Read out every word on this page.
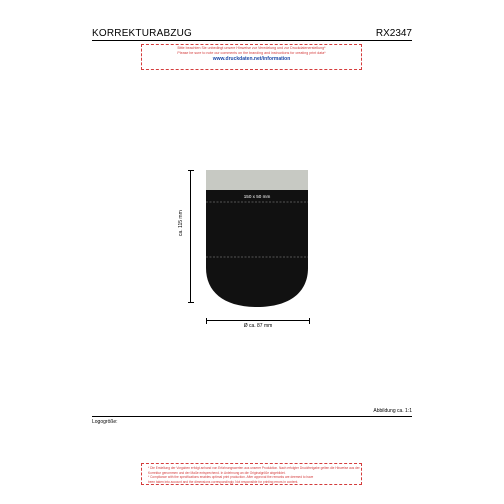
KORREKTURABZUG	RX2347
Bitte beachten Sie unbedingt unsere Hinweise zur Veredelung und zur Druckdatenerstellung*
Please be sure to note our comments on the branding and instructions for creating print data*
www.druckdaten.net/information
ca. 115 mm
150 x 50 mm
Ø ca. 87 mm
Abbildung ca. 1:1
Logogröße:
* Die Erstellung der Vorgaben erfolgt anhand von Erfahrungswerten aus unserer Produktion. Nach erfolgter Druckfreigabe gelten die Hinweise aus der
Korrektur genommen und der Maße entsprechend. In Anlehnung an die Originalgröße abgebildet.
* Compliance with the specifications enables optimal print production. After approval the remarks are deemed to have
been taken into account and the dimensions correspondingly. Not responsible for printing errors in content.
